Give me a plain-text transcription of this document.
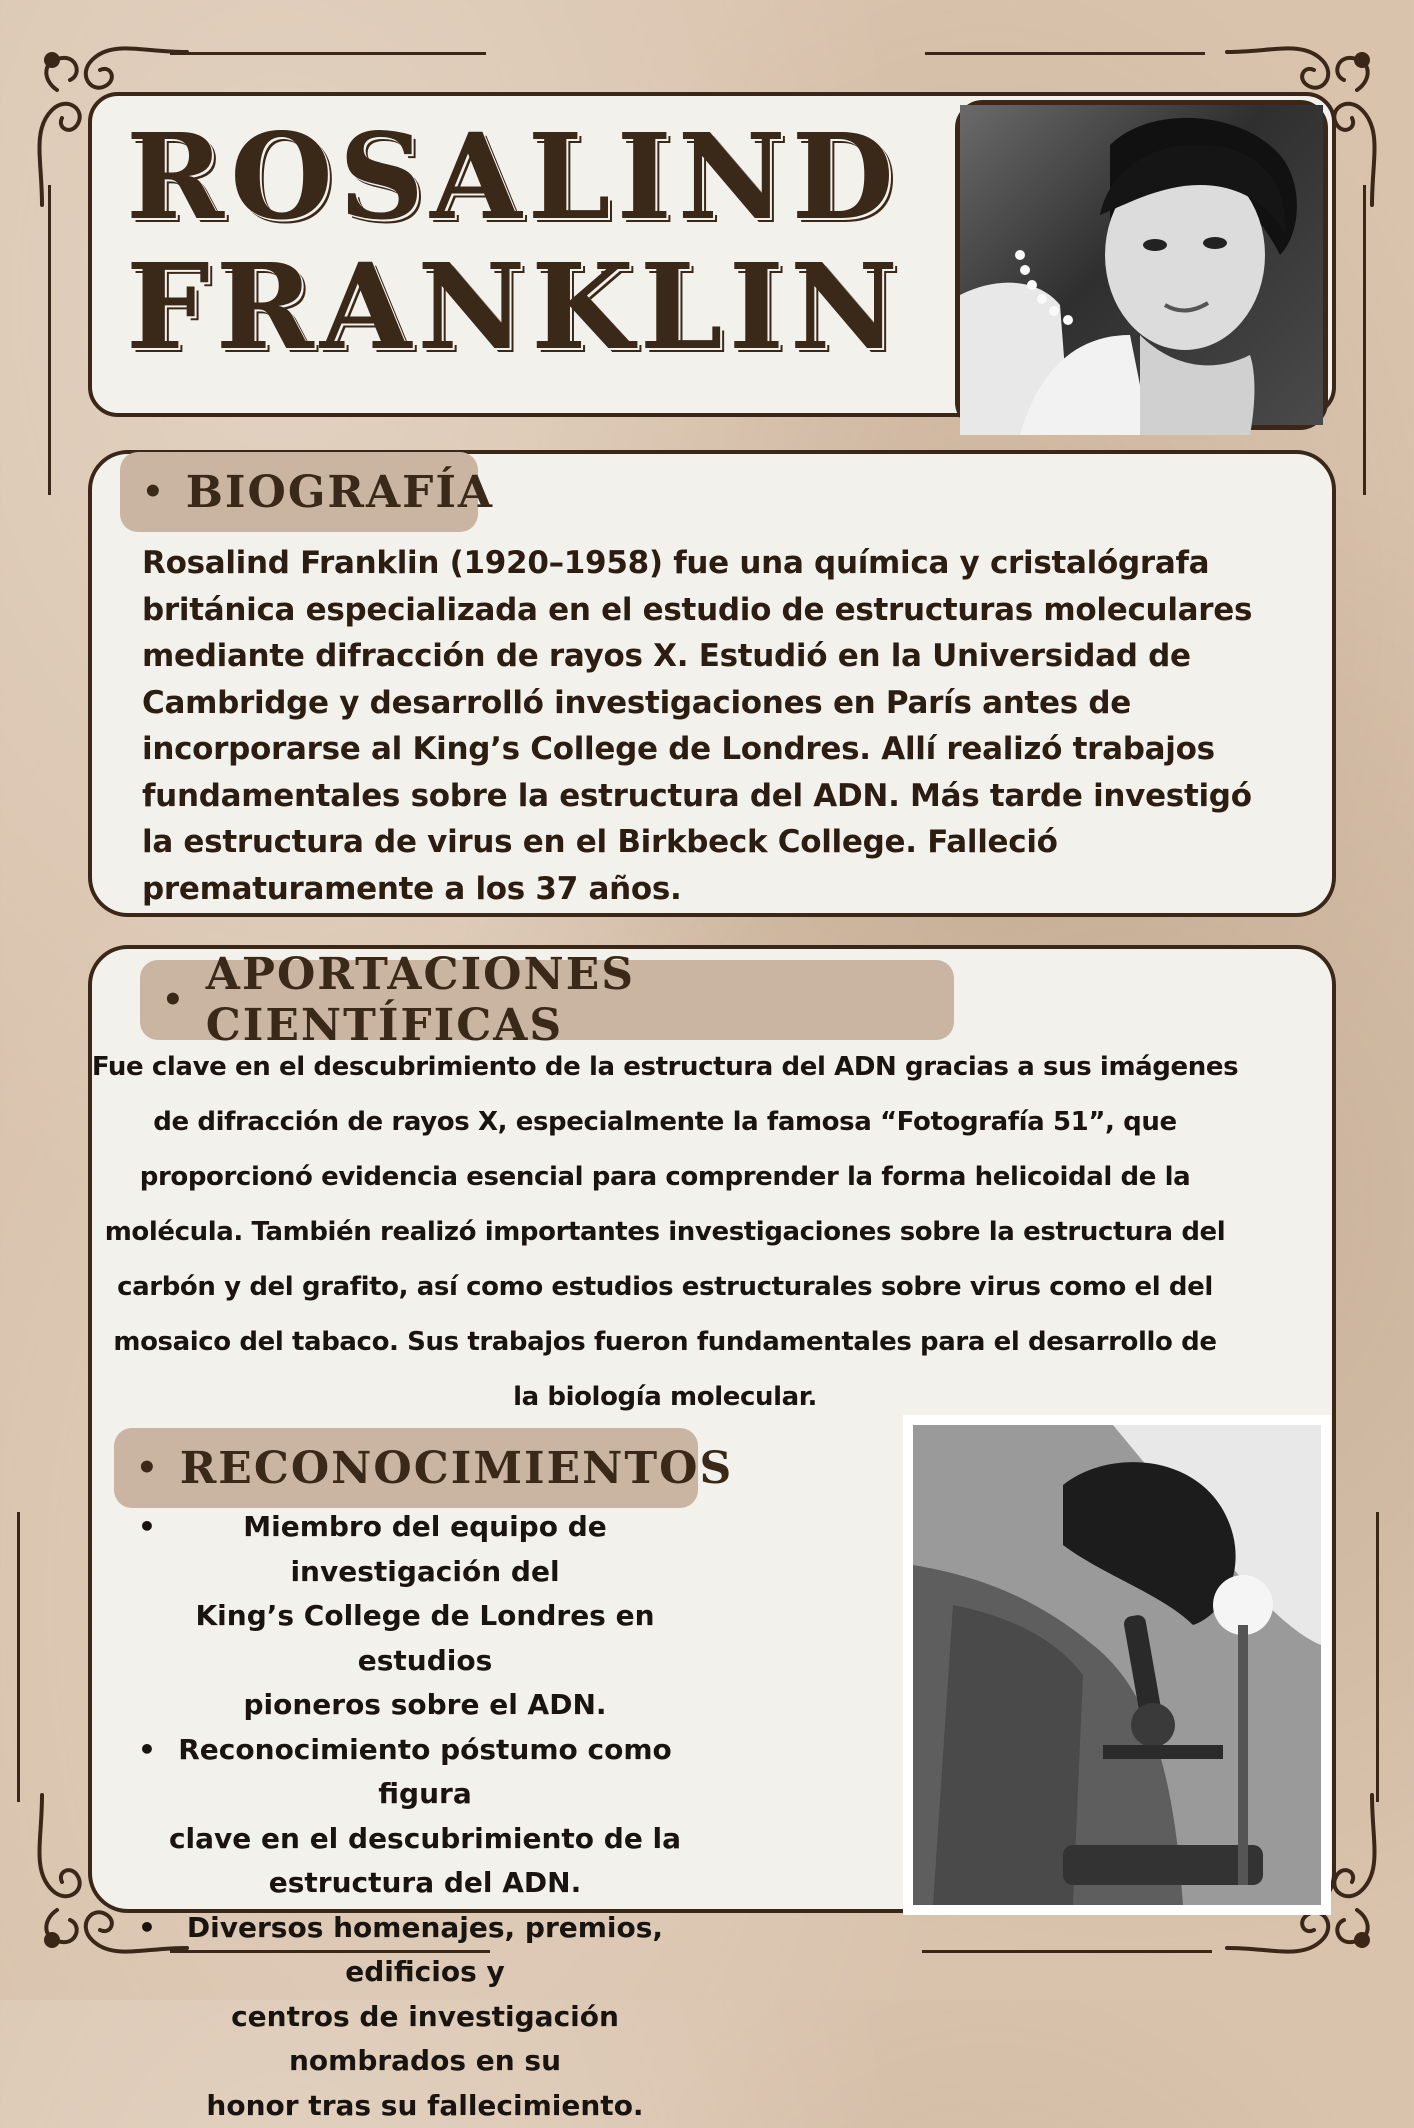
ROSALIND
FRANKLIN
• BIOGRAFÍA
Rosalind Franklin (1920–1958) fue una química y cristalógrafa
británica especializada en el estudio de estructuras moleculares
mediante difracción de rayos X. Estudió en la Universidad de
Cambridge y desarrolló investigaciones en París antes de
incorporarse al King’s College de Londres. Allí realizó trabajos
fundamentales sobre la estructura del ADN. Más tarde investigó
la estructura de virus en el Birkbeck College. Falleció
prematuramente a los 37 años.
• APORTACIONES CIENTÍFICAS
Fue clave en el descubrimiento de la estructura del ADN gracias a sus imágenes
de difracción de rayos X, especialmente la famosa “Fotografía 51”, que
proporcionó evidencia esencial para comprender la forma helicoidal de la
molécula. También realizó importantes investigaciones sobre la estructura del
carbón y del grafito, así como estudios estructurales sobre virus como el del
mosaico del tabaco. Sus trabajos fueron fundamentales para el desarrollo de
la biología molecular.
• RECONOCIMIENTOS
•	Miembro del equipo de investigación del
King’s College de Londres en estudios
pioneros sobre el ADN.
• Reconocimiento póstumo como figura
clave en el descubrimiento de la
estructura del ADN.
•	Diversos homenajes, premios, edificios y
centros de investigación nombrados en su
honor tras su fallecimiento.
